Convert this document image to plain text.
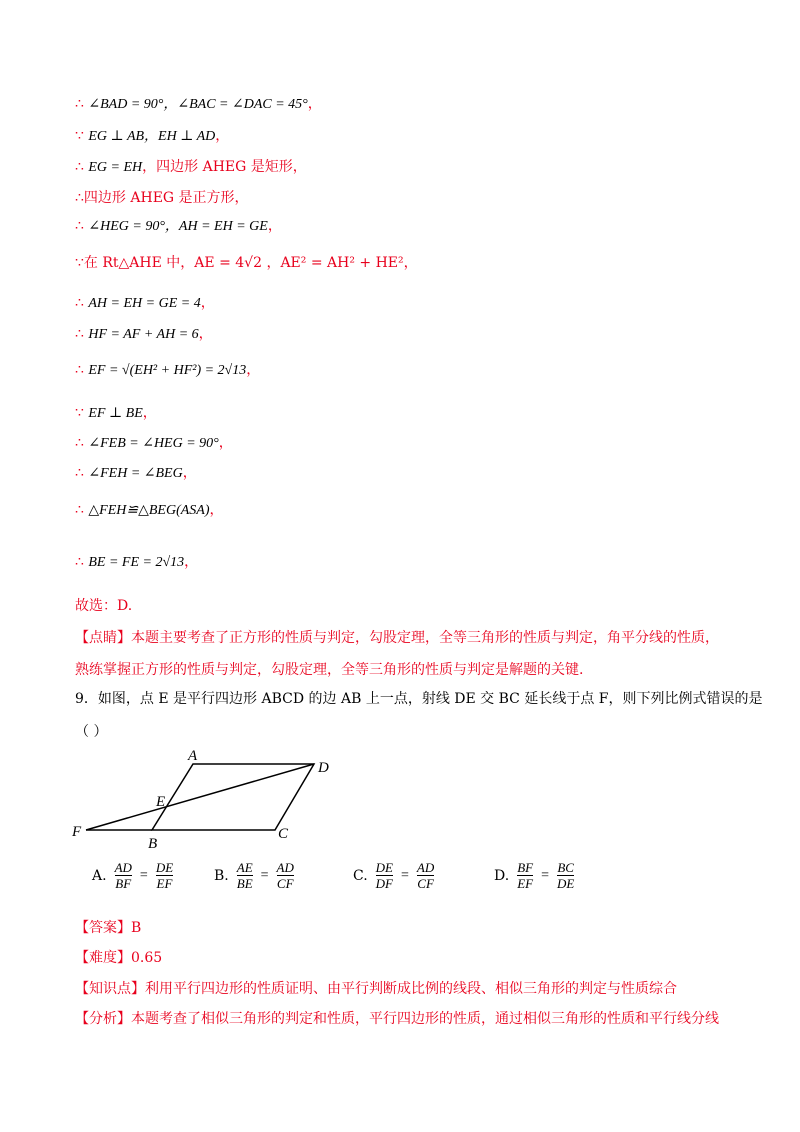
∴ ∠BAD = 90°，∠BAC = ∠DAC = 45°，
∵ EG ⊥ AB，EH ⊥ AD，
∴ EG = EH，四边形 AHEG 是矩形，
∴四边形 AHEG 是正方形，
∴ ∠HEG = 90°，AH = EH = GE，
∵在 Rt△AHE 中，AE = 4√2 ，AE² = AH² + HE²，
∴ AH = EH = GE = 4，
∴ HF = AF + AH = 6，
∴ EF = √(EH² + HF²) = 2√13，
∵ EF ⊥ BE，
∴ ∠FEB = ∠HEG = 90°，
∴ ∠FEH = ∠BEG，
∴ △FEH≌△BEG(ASA)，
∴ BE = FE = 2√13，
故选：D.
【点睛】本题主要考查了正方形的性质与判定，勾股定理，全等三角形的性质与判定，角平分线的性质，
熟练掌握正方形的性质与判定，勾股定理，全等三角形的性质与判定是解题的关键.
9．如图，点 E 是平行四边形 ABCD 的边 AB 上一点，射线 DE 交 BC 延长线于点 F，则下列比例式错误的是
（ ）
A
D
E
F
B
C
A. $\frac{AD}{BF} = \frac{DE}{EF}$	B. $\frac{AE}{BE} = \frac{AD}{CF}$	C. $\frac{DE}{DF} = \frac{AD}{CF}$	D. $\frac{BF}{EF} = \frac{BC}{DE}$
【答案】B
【难度】0.65
【知识点】利用平行四边形的性质证明、由平行判断成比例的线段、相似三角形的判定与性质综合
【分析】本题考查了相似三角形的判定和性质，平行四边形的性质，通过相似三角形的性质和平行线分线
